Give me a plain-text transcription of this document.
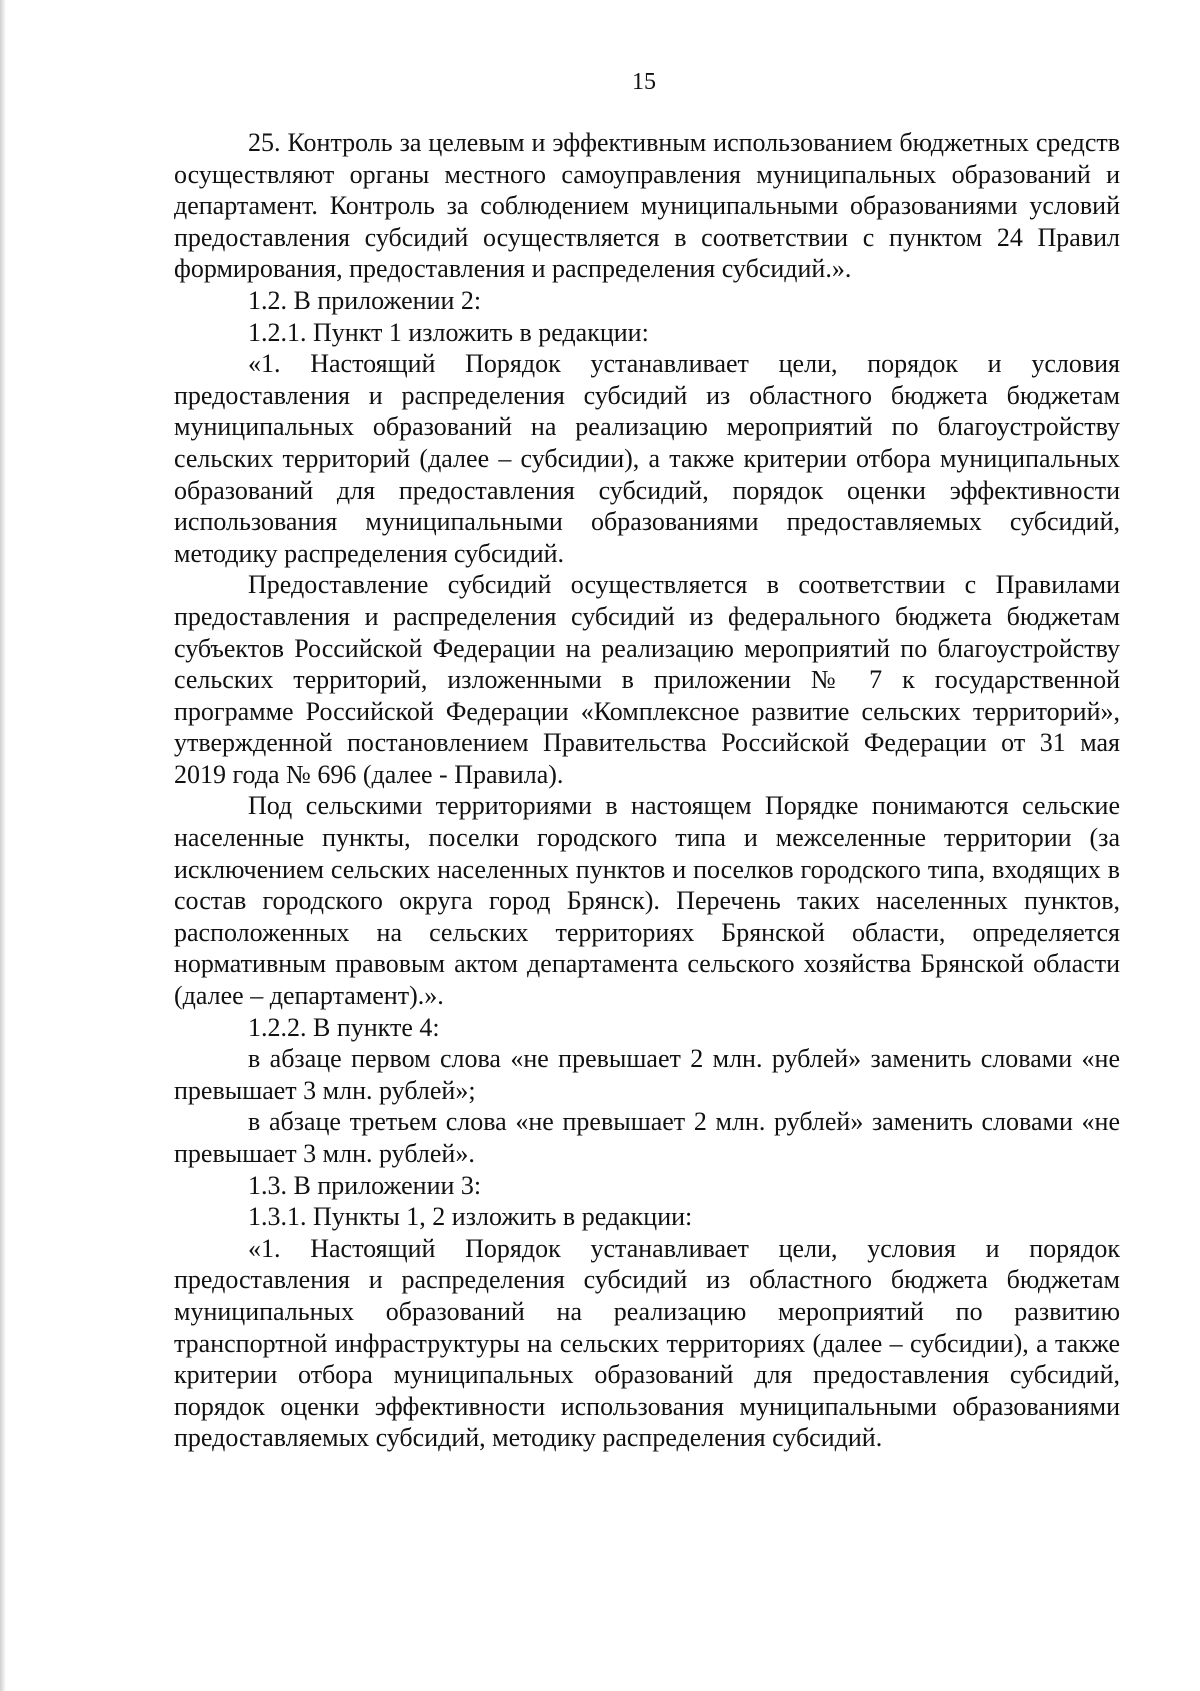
15

25. Контроль за целевым и эффективным использованием бюджетных средств осуществляют органы местного самоуправления муниципальных образований и департамент. Контроль за соблюдением муниципальными образованиями условий предоставления субсидий осуществляется в соответствии с пунктом 24 Правил формирования, предоставления и распределения субсидий.».

1.2. В приложении 2:

1.2.1. Пункт 1 изложить в редакции:

«1. Настоящий Порядок устанавливает цели, порядок и условия предоставления и распределения субсидий из областного бюджета бюджетам муниципальных образований на реализацию мероприятий по благоустройству сельских территорий (далее – субсидии), а также критерии отбора муниципальных образований для предоставления субсидий, порядок оценки эффективности использования муниципальными образованиями предоставляемых субсидий, методику распределения субсидий.

Предоставление субсидий осуществляется в соответствии с Правилами предоставления и распределения субсидий из федерального бюджета бюджетам субъектов Российской Федерации на реализацию мероприятий по благоустройству сельских территорий, изложенными в приложении № 7 к государственной программе Российской Федерации «Комплексное развитие сельских территорий», утвержденной постановлением Правительства Российской Федерации от 31 мая 2019 года № 696 (далее - Правила).

Под сельскими территориями в настоящем Порядке понимаются сельские населенные пункты, поселки городского типа и межселенные территории (за исключением сельских населенных пунктов и поселков городского типа, входящих в состав городского округа город Брянск). Перечень таких населенных пунктов, расположенных на сельских территориях Брянской области, определяется нормативным правовым актом департамента сельского хозяйства Брянской области (далее – департамент).».

1.2.2. В пункте 4:

в абзаце первом слова «не превышает 2 млн. рублей» заменить словами «не превышает 3 млн. рублей»;

в абзаце третьем слова «не превышает 2 млн. рублей» заменить словами «не превышает 3 млн. рублей».

1.3. В приложении 3:

1.3.1. Пункты 1, 2 изложить в редакции:

«1. Настоящий Порядок устанавливает цели, условия и порядок предоставления и распределения субсидий из областного бюджета бюджетам муниципальных образований на реализацию мероприятий по развитию транспортной инфраструктуры на сельских территориях (далее – субсидии), а также критерии отбора муниципальных образований для предоставления субсидий, порядок оценки эффективности использования муниципальными образованиями предоставляемых субсидий, методику распределения субсидий.
